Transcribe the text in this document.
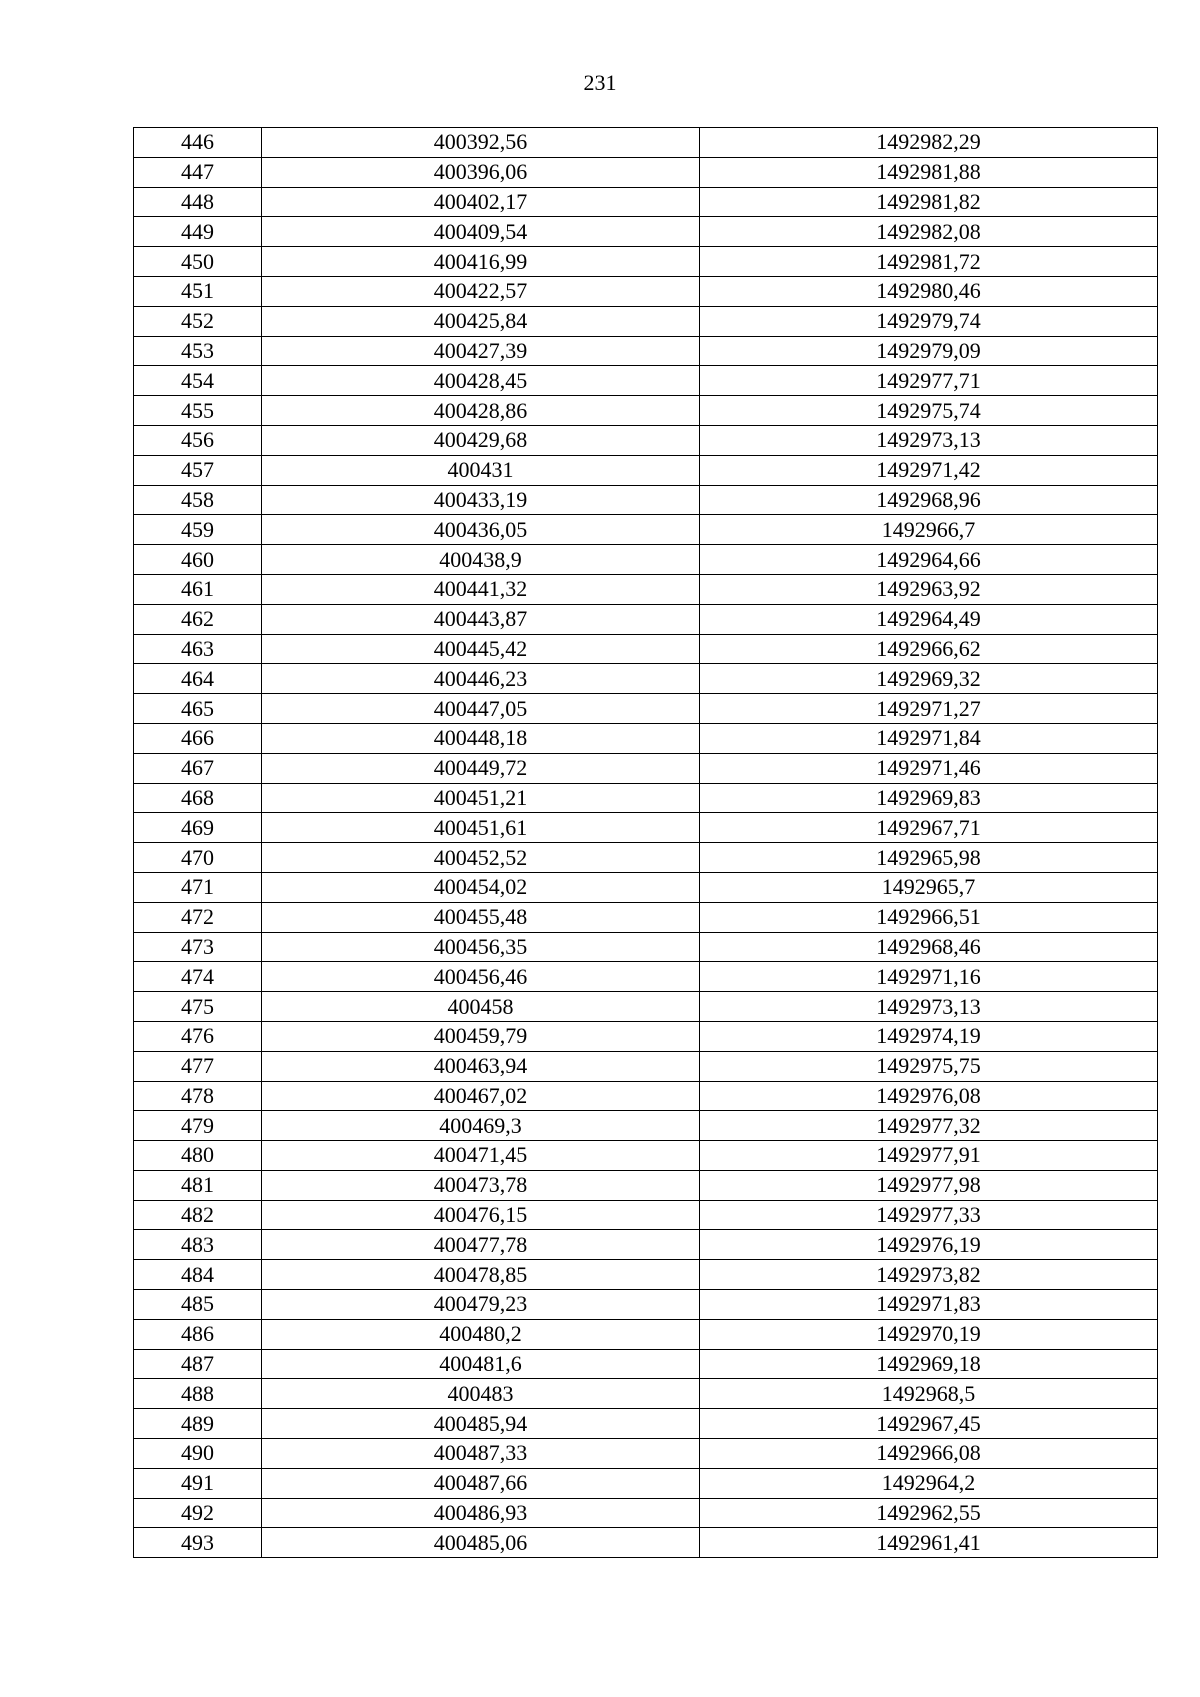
231
446	400392,56	1492982,29
447	400396,06	1492981,88
448	400402,17	1492981,82
449	400409,54	1492982,08
450	400416,99	1492981,72
451	400422,57	1492980,46
452	400425,84	1492979,74
453	400427,39	1492979,09
454	400428,45	1492977,71
455	400428,86	1492975,74
456	400429,68	1492973,13
457	400431	1492971,42
458	400433,19	1492968,96
459	400436,05	1492966,7
460	400438,9	1492964,66
461	400441,32	1492963,92
462	400443,87	1492964,49
463	400445,42	1492966,62
464	400446,23	1492969,32
465	400447,05	1492971,27
466	400448,18	1492971,84
467	400449,72	1492971,46
468	400451,21	1492969,83
469	400451,61	1492967,71
470	400452,52	1492965,98
471	400454,02	1492965,7
472	400455,48	1492966,51
473	400456,35	1492968,46
474	400456,46	1492971,16
475	400458	1492973,13
476	400459,79	1492974,19
477	400463,94	1492975,75
478	400467,02	1492976,08
479	400469,3	1492977,32
480	400471,45	1492977,91
481	400473,78	1492977,98
482	400476,15	1492977,33
483	400477,78	1492976,19
484	400478,85	1492973,82
485	400479,23	1492971,83
486	400480,2	1492970,19
487	400481,6	1492969,18
488	400483	1492968,5
489	400485,94	1492967,45
490	400487,33	1492966,08
491	400487,66	1492964,2
492	400486,93	1492962,55
493	400485,06	1492961,41
